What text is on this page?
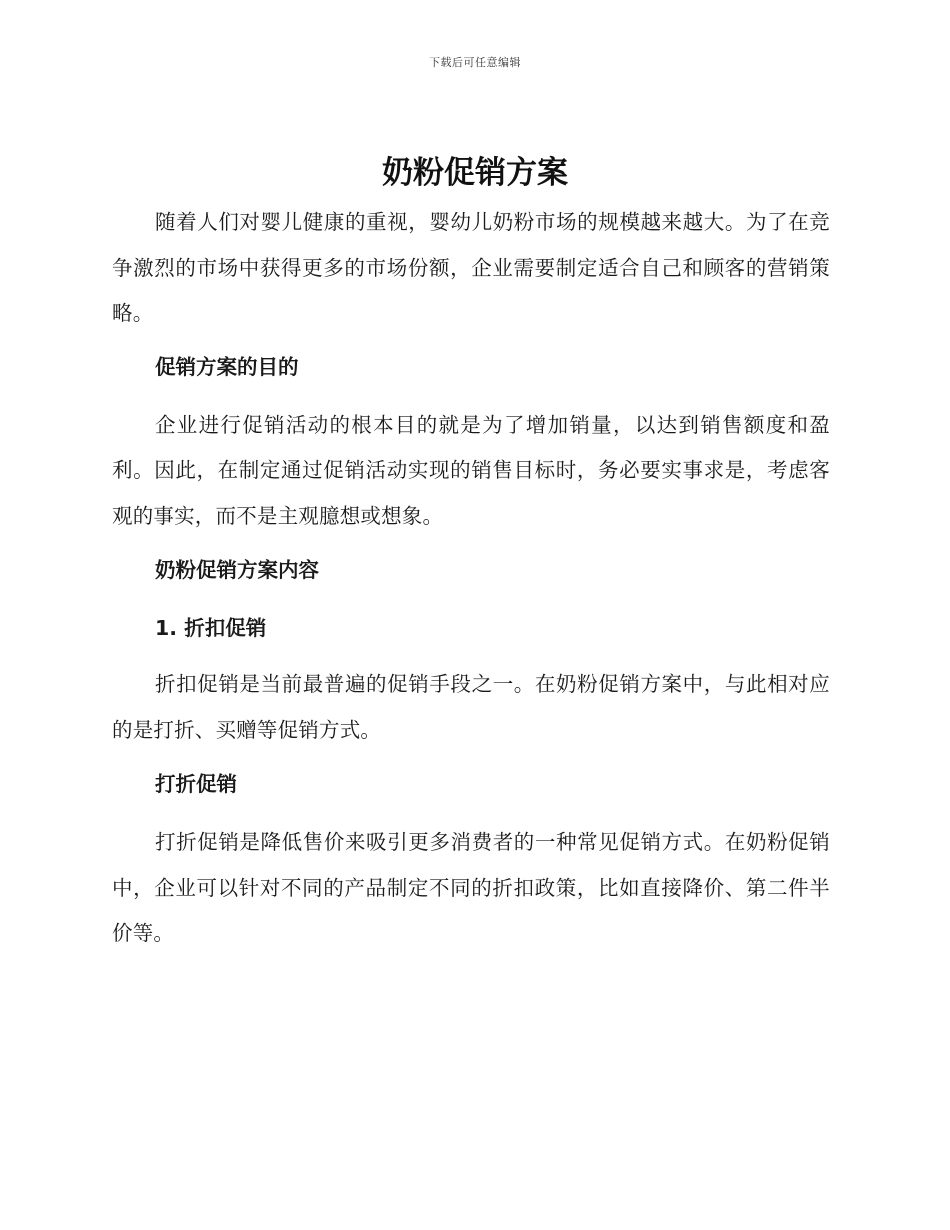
下载后可任意编辑
奶粉促销方案

随着人们对婴儿健康的重视，婴幼儿奶粉市场的规模越来越大。为了在竞争激烈的市场中获得更多的市场份额，企业需要制定适合自己和顾客的营销策略。

促销方案的目的

企业进行促销活动的根本目的就是为了增加销量，以达到销售额度和盈利。因此，在制定通过促销活动实现的销售目标时，务必要实事求是，考虑客观的事实，而不是主观臆想或想象。

奶粉促销方案内容

1. 折扣促销

折扣促销是当前最普遍的促销手段之一。在奶粉促销方案中，与此相对应的是打折、买赠等促销方式。

打折促销

打折促销是降低售价来吸引更多消费者的一种常见促销方式。在奶粉促销中，企业可以针对不同的产品制定不同的折扣政策，比如直接降价、第二件半价等。
